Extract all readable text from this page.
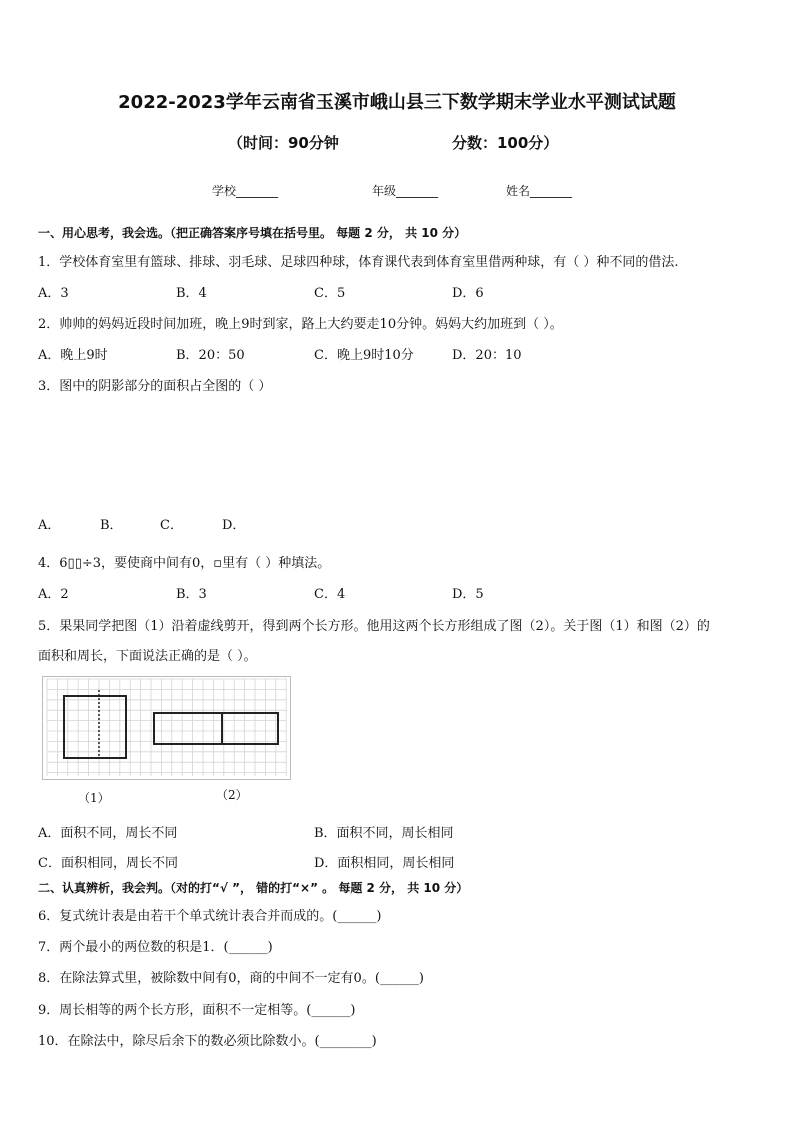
2022-2023学年云南省玉溪市峨山县三下数学期末学业水平测试试题
（时间：90分钟	分数：100分）
学校_______	年级_______	姓名_______
一、用心思考，我会选。（把正确答案序号填在括号里。 每题 2 分， 共 10 分）
1．学校体育室里有篮球、排球、羽毛球、足球四种球，体育课代表到体育室里借两种球，有（ ）种不同的借法.
A．3	B．4	C．5	D．6
2．帅帅的妈妈近段时间加班，晚上9时到家，路上大约要走10分钟。妈妈大约加班到（ ）。
A．晚上9时	B．20：50	C．晚上9时10分	D．20：10
3．图中的阴影部分的面积占全图的（ ）
A．	B．	C．	D．
4．6▯▯÷3，要使商中间有0，▫里有（ ）种填法。
A．2	B．3	C．4	D．5
5．果果同学把图（1）沿着虚线剪开，得到两个长方形。他用这两个长方形组成了图（2）。关于图（1）和图（2）的
面积和周长，下面说法正确的是（ ）。
（1）	（2）
A．面积不同，周长不同	B．面积不同，周长相同
C．面积相同，周长不同	D．面积相同，周长相同
二、认真辨析，我会判。（对的打“√ ”， 错的打“×” 。 每题 2 分， 共 10 分）
6．复式统计表是由若干个单式统计表合并而成的。(______)
7．两个最小的两位数的积是1．(______)
8．在除法算式里，被除数中间有0，商的中间不一定有0。(______)
9．周长相等的两个长方形，面积不一定相等。(______)
10．在除法中，除尽后余下的数必须比除数小。(________)
